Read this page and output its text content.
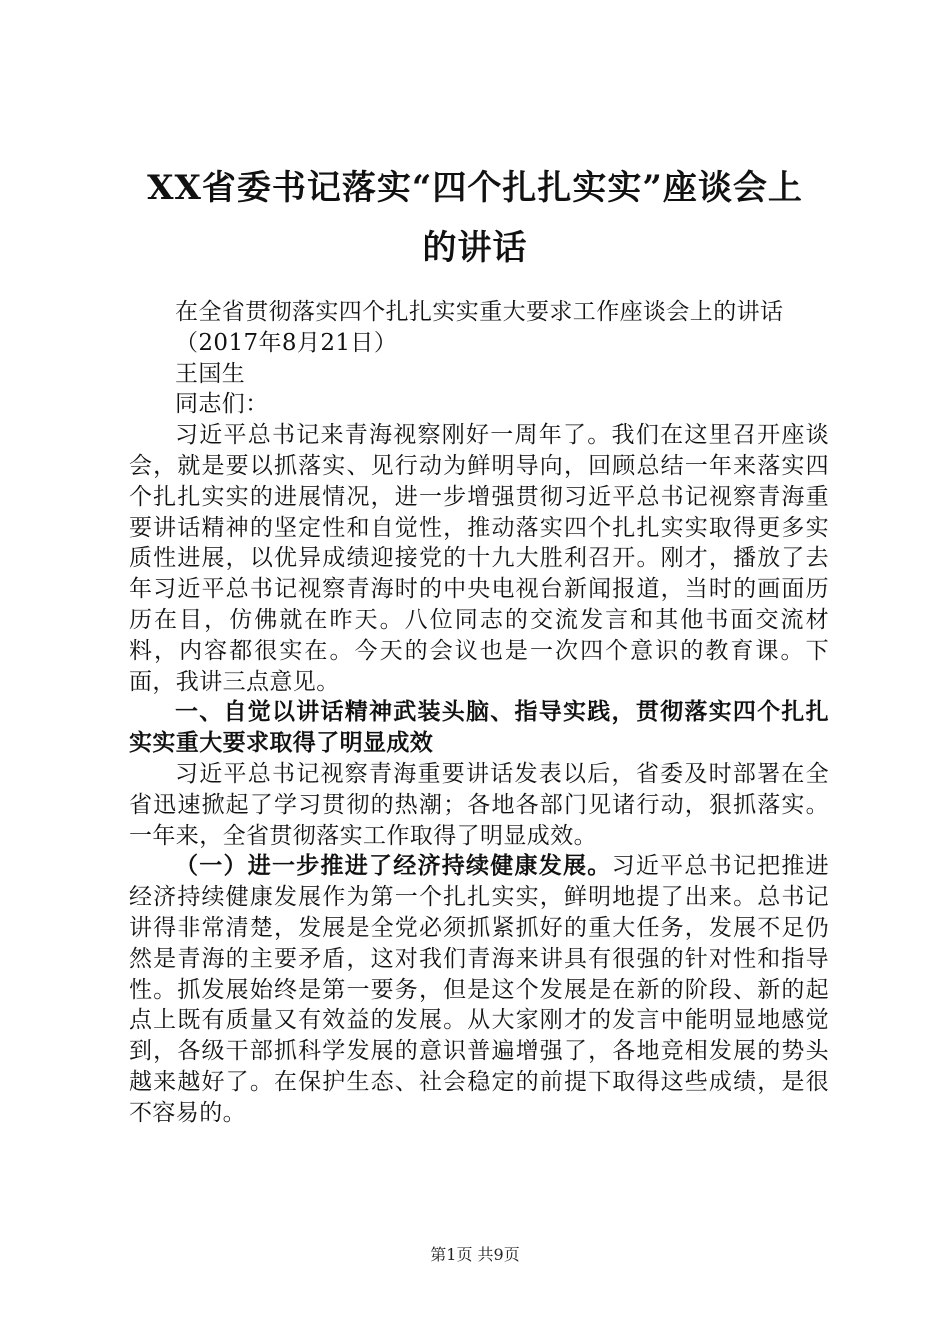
XX省委书记落实“四个扎扎实实”座谈会上
的讲话

在全省贯彻落实四个扎扎实实重大要求工作座谈会上的讲话

（2017年8月21日）

王国生

同志们：

习近平总书记来青海视察刚好一周年了。我们在这里召开座谈会，就是要以抓落实、见行动为鲜明导向，回顾总结一年来落实四个扎扎实实的进展情况，进一步增强贯彻习近平总书记视察青海重要讲话精神的坚定性和自觉性，推动落实四个扎扎实实取得更多实质性进展，以优异成绩迎接党的十九大胜利召开。刚才，播放了去年习近平总书记视察青海时的中央电视台新闻报道，当时的画面历历在目，仿佛就在昨天。八位同志的交流发言和其他书面交流材料，内容都很实在。今天的会议也是一次四个意识的教育课。下面，我讲三点意见。

一、自觉以讲话精神武装头脑、指导实践，贯彻落实四个扎扎实实重大要求取得了明显成效

习近平总书记视察青海重要讲话发表以后，省委及时部署在全省迅速掀起了学习贯彻的热潮；各地各部门见诸行动，狠抓落实。一年来，全省贯彻落实工作取得了明显成效。

（一）进一步推进了经济持续健康发展。习近平总书记把推进经济持续健康发展作为第一个扎扎实实，鲜明地提了出来。总书记讲得非常清楚，发展是全党必须抓紧抓好的重大任务，发展不足仍然是青海的主要矛盾，这对我们青海来讲具有很强的针对性和指导性。抓发展始终是第一要务，但是这个发展是在新的阶段、新的起点上既有质量又有效益的发展。从大家刚才的发言中能明显地感觉到，各级干部抓科学发展的意识普遍增强了，各地竞相发展的势头越来越好了。在保护生态、社会稳定的前提下取得这些成绩，是很不容易的。

第1页 共9页
